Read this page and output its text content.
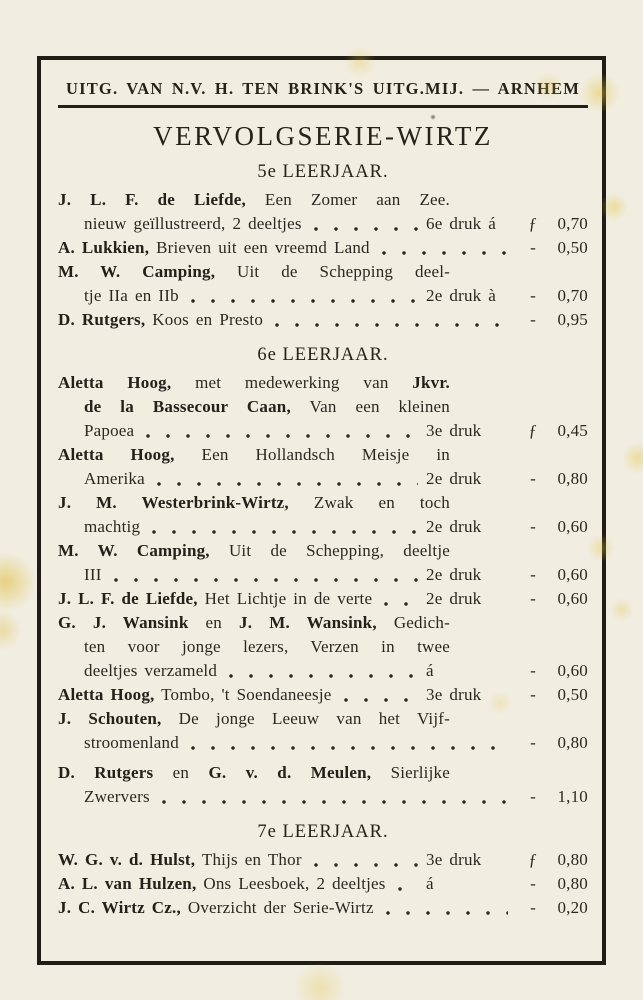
UITG. VAN N.V. H. TEN BRINK'S UITG.MIJ. — ARNHEM
VERVOLGSERIE-WIRTZ
5e LEERJAAR.
J. L. F. de Liefde, Een Zomer aan Zee.
nieuw geïllustreerd, 2 deeltjes	6e druk á	ƒ	0,70
A. Lukkien, Brieven uit een vreemd Land	-	0,50
M. W. Camping, Uit de Schepping deel-
tje IIa en IIb	2e druk à	-	0,70
D. Rutgers, Koos en Presto	-	0,95
6e LEERJAAR.
Aletta Hoog, met medewerking van Jkvr.
de la Bassecour Caan, Van een kleinen
Papoea	3e druk	ƒ	0,45
Aletta Hoog, Een Hollandsch Meisje in
Amerika	2e druk	-	0,80
J. M. Westerbrink-Wirtz, Zwak en toch
machtig	2e druk	-	0,60
M. W. Camping, Uit de Schepping, deeltje
III	2e druk	-	0,60
J. L. F. de Liefde, Het Lichtje in de verte	2e druk	-	0,60
G. J. Wansink en J. M. Wansink, Gedich-
ten voor jonge lezers, Verzen in twee
deeltjes verzameld	á	-	0,60
Aletta Hoog, Tombo, 't Soendaneesje	3e druk	-	0,50
J. Schouten, De jonge Leeuw van het Vijf-
stroomenland	-	0,80
D. Rutgers en G. v. d. Meulen, Sierlijke
Zwervers	-	1,10
7e LEERJAAR.
W. G. v. d. Hulst, Thijs en Thor	3e druk	ƒ	0,80
A. L. van Hulzen, Ons Leesboek, 2 deeltjes á	-	0,80
J. C. Wirtz Cz., Overzicht der Serie-Wirtz	-	0,20
